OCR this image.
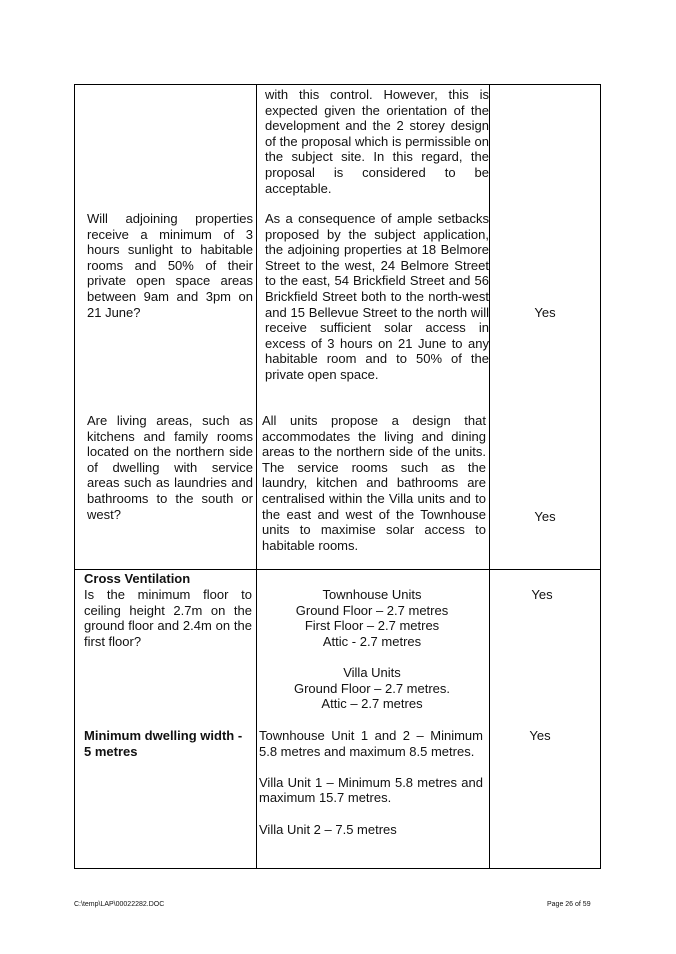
with this control. However, this is expected given the orientation of the development and the 2 storey design of the proposal which is permissible on the subject site. In this regard, the proposal is considered to be acceptable.
Will adjoining properties receive a minimum of 3 hours sunlight to habitable rooms and 50% of their private open space areas between 9am and 3pm on 21 June?
As a consequence of ample setbacks proposed by the subject application, the adjoining properties at 18 Belmore Street to the west, 24 Belmore Street to the east, 54 Brickfield Street and 56 Brickfield Street both to the north-west and 15 Bellevue Street to the north will receive sufficient solar access in excess of 3 hours on 21 June to any habitable room and to 50% of the private open space.
Yes
Are living areas, such as kitchens and family rooms located on the northern side of dwelling with service areas such as laundries and bathrooms to the south or west?
All units propose a design that accommodates the living and dining areas to the northern side of the units. The service rooms such as the laundry, kitchen and bathrooms are centralised within the Villa units and to the east and west of the Townhouse units to maximise solar access to habitable rooms.
Yes
Cross Ventilation
Is the minimum floor to ceiling height 2.7m on the ground floor and 2.4m on the first floor?
Townhouse Units
Ground Floor – 2.7 metres
First Floor – 2.7 metres
Attic - 2.7 metres
Villa Units
Ground Floor – 2.7 metres.
Attic – 2.7 metres
Yes
Minimum dwelling width - 5 metres
Townhouse Unit 1 and 2 – Minimum 5.8 metres and maximum 8.5 metres.
Villa Unit 1 – Minimum 5.8 metres and maximum 15.7 metres.
Villa Unit 2 – 7.5 metres
Yes
C:\temp\LAP\00022282.DOC	Page 26 of 59
